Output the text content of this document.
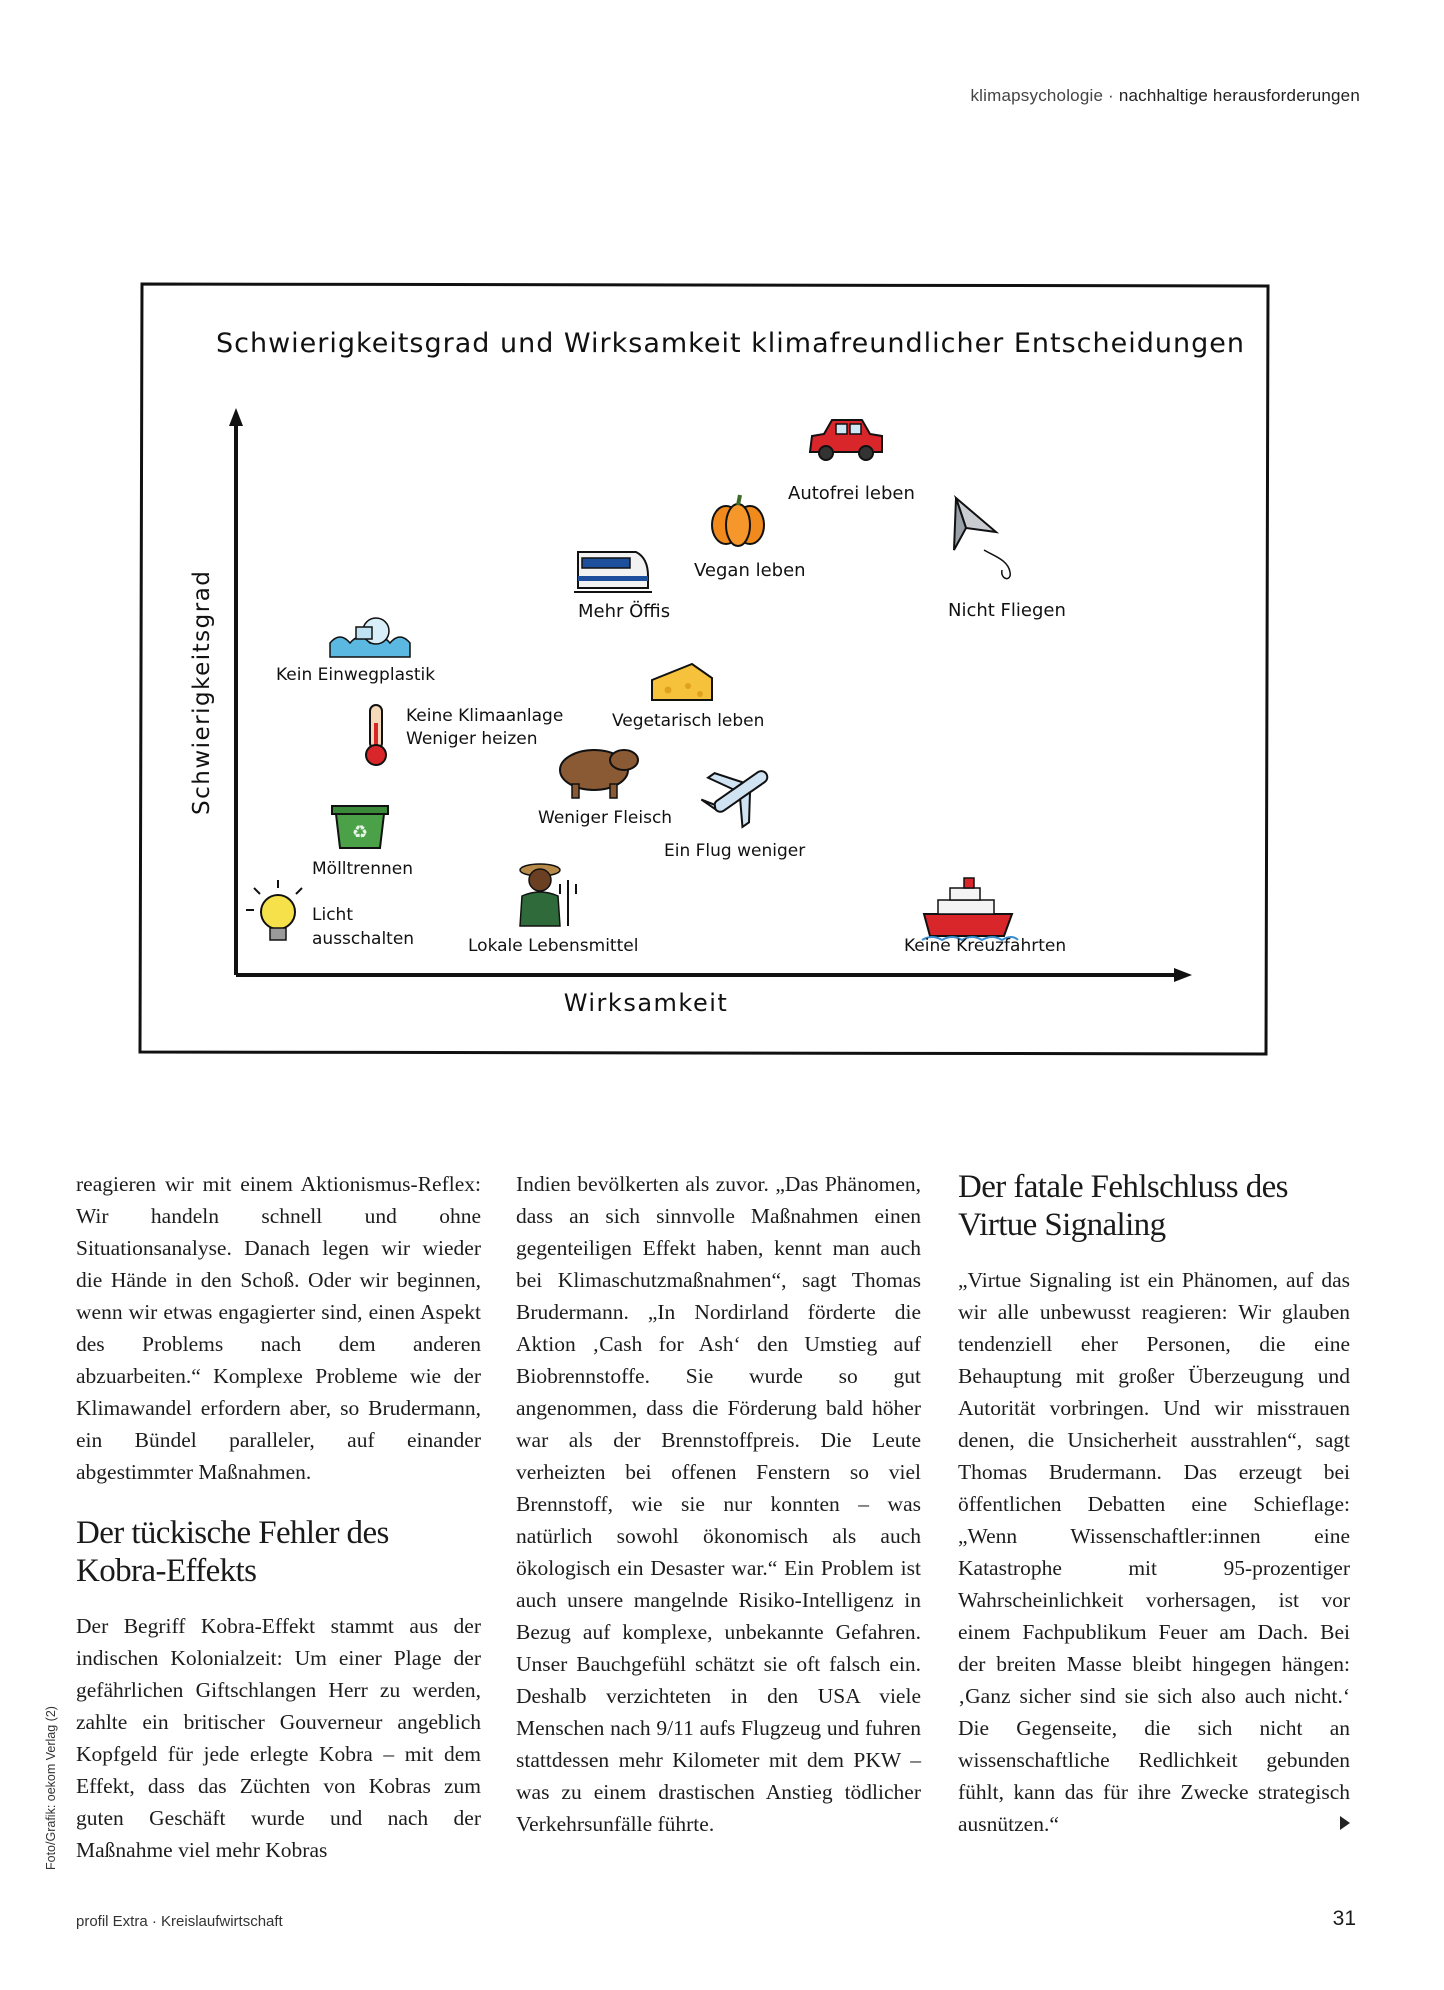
klimapsychologie · nachhaltige herausforderungen
Schwierigkeitsgrad und Wirksamkeit klimafreundlicher Entscheidungen
Schwierigkeitsgrad
Wirksamkeit
Autofrei leben
Vegan leben
Mehr Öffis	Nicht Fliegen
Kein Einwegplastik
Keine Klimaanlage
Weniger heizen
Vegetarisch leben
Weniger Fleisch
Ein Flug weniger
♻
Mölltrennen
Licht
ausschalten	Lokale Lebensmittel	Keine Kreuzfahrten

reagieren wir mit einem Aktionismus-Reflex: Wir handeln schnell und ohne Situationsanalyse. Danach legen wir wieder die Hände in den Schoß. Oder wir beginnen, wenn wir etwas engagierter sind, einen Aspekt des Problems nach dem anderen abzuarbeiten.“ Komplexe Probleme wie der Klimawandel erfordern aber, so Brudermann, ein Bündel paralleler, auf einander abgestimmter Maßnahmen.

Der tückische Fehler des Kobra-Effekts

Der Begriff Kobra-Effekt stammt aus der indischen Kolonialzeit: Um einer Plage der gefährlichen Giftschlangen Herr zu werden, zahlte ein britischer Gouverneur angeblich Kopfgeld für jede erlegte Kobra – mit dem Effekt, dass das Züchten von Kobras zum guten Geschäft wurde und nach der Maßnahme viel mehr Kobras

Indien bevölkerten als zuvor. „Das Phänomen, dass an sich sinnvolle Maßnahmen einen gegenteiligen Effekt haben, kennt man auch bei Klimaschutzmaßnahmen“, sagt Thomas Brudermann. „In Nordirland förderte die Aktion ‚Cash for Ash‘ den Umstieg auf Biobrennstoffe. Sie wurde so gut angenommen, dass die Förderung bald höher war als der Brennstoffpreis. Die Leute verheizten bei offenen Fenstern so viel Brennstoff, wie sie nur konnten – was natürlich sowohl ökonomisch als auch ökologisch ein Desaster war.“ Ein Problem ist auch unsere mangelnde Risiko-Intelligenz in Bezug auf komplexe, unbekannte Gefahren. Unser Bauchgefühl schätzt sie oft falsch ein. Deshalb verzichteten in den USA viele Menschen nach 9/11 aufs Flugzeug und fuhren stattdessen mehr Kilometer mit dem PKW – was zu einem drastischen Anstieg tödlicher Verkehrsunfälle führte.

Der fatale Fehlschluss des Virtue Signaling

„Virtue Signaling ist ein Phänomen, auf das wir alle unbewusst reagieren: Wir glauben tendenziell eher Personen, die eine Behauptung mit großer Überzeugung und Autorität vorbringen. Und wir misstrauen denen, die Unsicherheit ausstrahlen“, sagt Thomas Brudermann. Das erzeugt bei öffentlichen Debatten eine Schieflage: „Wenn Wissenschaftler:innen eine Katastrophe mit 95-prozentiger Wahrscheinlichkeit vorhersagen, ist vor einem Fachpublikum Feuer am Dach. Bei der breiten Masse bleibt hingegen hängen: ‚Ganz sicher sind sie sich also auch nicht.‘ Die Gegenseite, die sich nicht an wissenschaftliche Redlichkeit gebunden fühlt, kann das für ihre Zwecke strategisch ausnützen.“

Foto/Grafik: oekom Verlag (2)
profil Extra · Kreislaufwirtschaft	31
